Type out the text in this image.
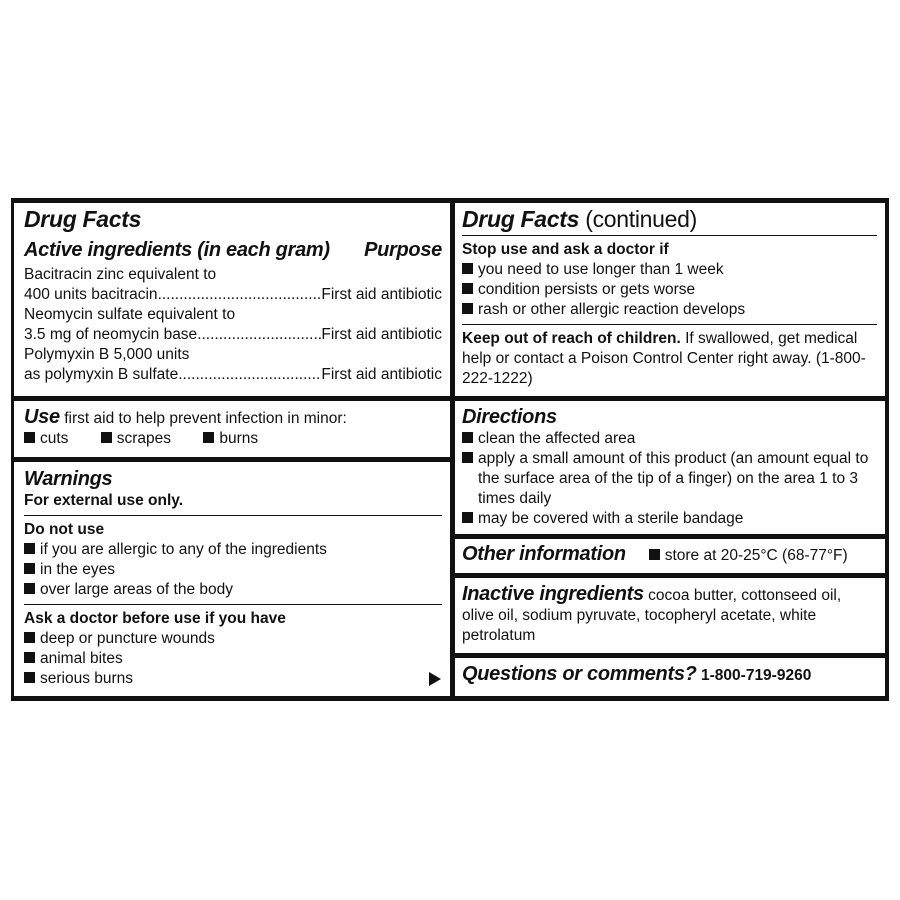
Drug Facts
Active ingredients (in each gram) Purpose
Bacitracin zinc equivalent to
400 units bacitracin .....	First aid antibiotic
Neomycin sulfate equivalent to
3.5 mg of neomycin base .....	First aid antibiotic
Polymyxin B 5,000 units
as polymyxin B sulfate .....	First aid antibiotic
Use first aid to help prevent infection in minor:
cuts	scrapes	burns
Warnings
For external use only.
Do not use
if you are allergic to any of the ingredients
in the eyes
over large areas of the body
Ask a doctor before use if you have
deep or puncture wounds
animal bites
serious burns
Drug Facts (continued)
Stop use and ask a doctor if
you need to use longer than 1 week
condition persists or gets worse
rash or other allergic reaction develops
Keep out of reach of children. If swallowed, get medical help or contact a Poison Control Center right away. (1-800-222-1222)
Directions
clean the affected area
apply a small amount of this product (an amount equal to the surface area of the tip of a finger) on the area 1 to 3 times daily
may be covered with a sterile bandage
Other information	store at 20-25°C (68-77°F)
Inactive ingredients cocoa butter, cottonseed oil, olive oil, sodium pyruvate, tocopheryl acetate, white petrolatum
Questions or comments? 1-800-719-9260
